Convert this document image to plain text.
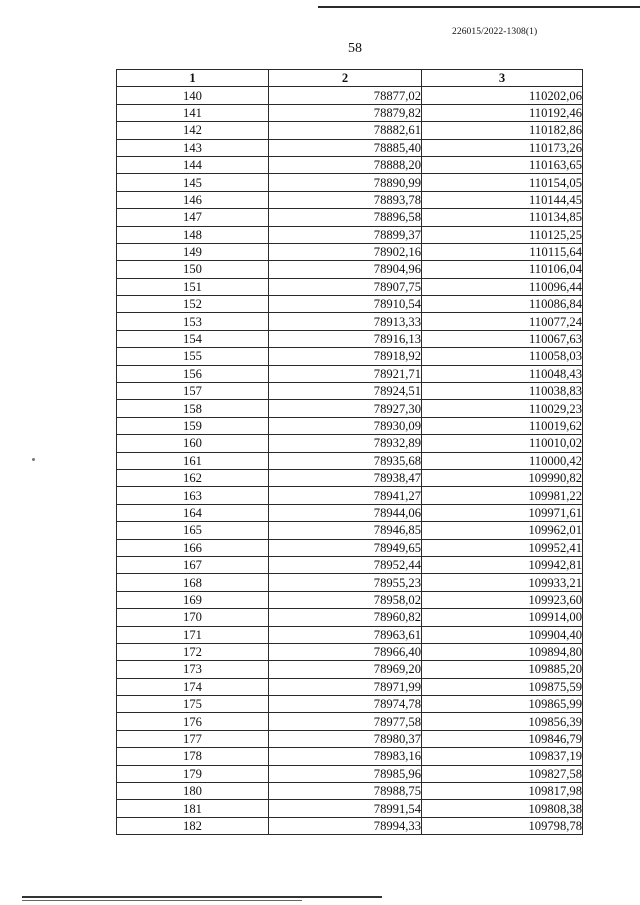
226015/2022-1308(1)
58
1	2	3
140	78877,02	110202,06
141	78879,82	110192,46
142	78882,61	110182,86
143	78885,40	110173,26
144	78888,20	110163,65
145	78890,99	110154,05
146	78893,78	110144,45
147	78896,58	110134,85
148	78899,37	110125,25
149	78902,16	110115,64
150	78904,96	110106,04
151	78907,75	110096,44
152	78910,54	110086,84
153	78913,33	110077,24
154	78916,13	110067,63
155	78918,92	110058,03
156	78921,71	110048,43
157	78924,51	110038,83
158	78927,30	110029,23
159	78930,09	110019,62
160	78932,89	110010,02
161	78935,68	110000,42
162	78938,47	109990,82
163	78941,27	109981,22
164	78944,06	109971,61
165	78946,85	109962,01
166	78949,65	109952,41
167	78952,44	109942,81
168	78955,23	109933,21
169	78958,02	109923,60
170	78960,82	109914,00
171	78963,61	109904,40
172	78966,40	109894,80
173	78969,20	109885,20
174	78971,99	109875,59
175	78974,78	109865,99
176	78977,58	109856,39
177	78980,37	109846,79
178	78983,16	109837,19
179	78985,96	109827,58
180	78988,75	109817,98
181	78991,54	109808,38
182	78994,33	109798,78
